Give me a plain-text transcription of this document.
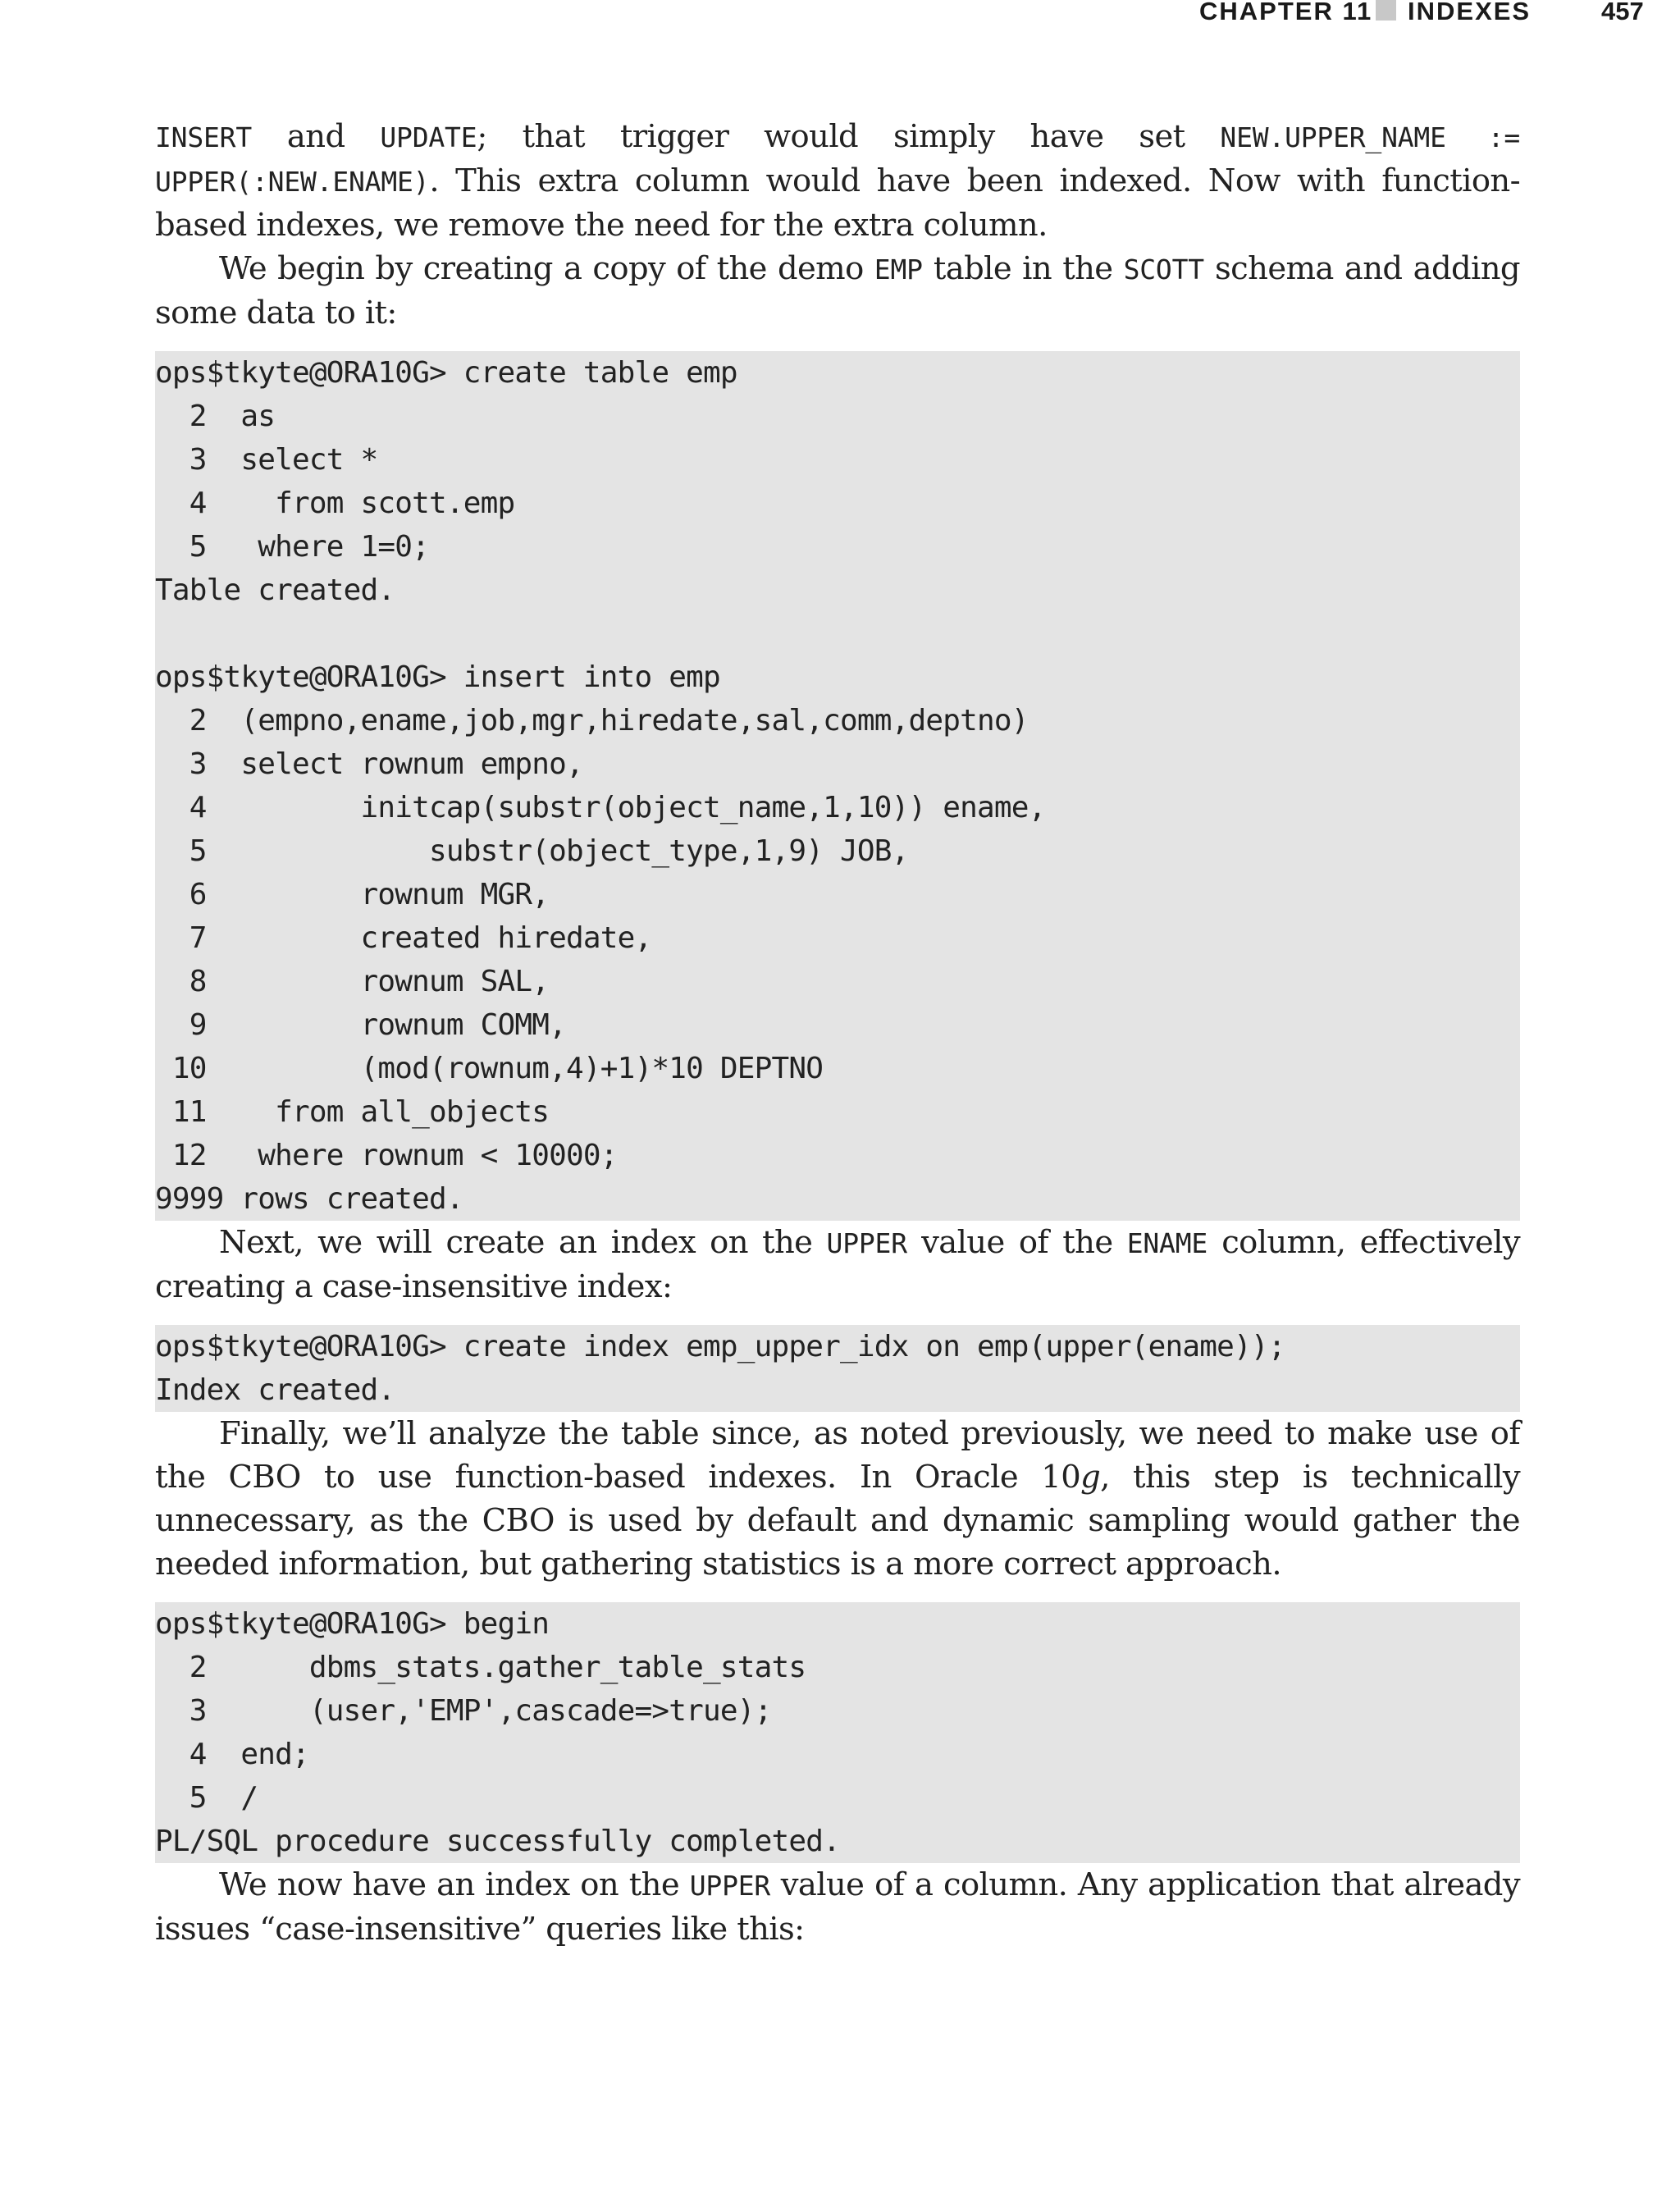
CHAPTER 11 INDEXES	457

INSERT and UPDATE; that trigger would simply have set NEW.UPPER_NAME := UPPER(:NEW.ENAME). This extra column would have been indexed. Now with function-based indexes, we remove the need for the extra column.

We begin by creating a copy of the demo EMP table in the SCOTT schema and adding some data to it:

ops$tkyte@ORA10G> create table emp
2  as
3  select *
4    from scott.emp
5   where 1=0;
Table created.
ops$tkyte@ORA10G> insert into emp
2  (empno,ename,job,mgr,hiredate,sal,comm,deptno)
3  select rownum empno,
4         initcap(substr(object_name,1,10)) ename,
5             substr(object_type,1,9) JOB,
6         rownum MGR,
7         created hiredate,
8         rownum SAL,
9         rownum COMM,
10         (mod(rownum,4)+1)*10 DEPTNO
11    from all_objects
12   where rownum < 10000;
9999 rows created.

Next, we will create an index on the UPPER value of the ENAME column, effectively creating a case-insensitive index:

ops$tkyte@ORA10G> create index emp_upper_idx on emp(upper(ename));
Index created.

Finally, we’ll analyze the table since, as noted previously, we need to make use of the CBO to use function-based indexes. In Oracle 10g, this step is technically unnecessary, as the CBO is used by default and dynamic sampling would gather the needed information, but gathering statistics is a more correct approach.

ops$tkyte@ORA10G> begin
2      dbms_stats.gather_table_stats
3      (user,'EMP',cascade=>true);
4  end;
5  /
PL/SQL procedure successfully completed.

We now have an index on the UPPER value of a column. Any application that already issues “case-insensitive” queries like this:
